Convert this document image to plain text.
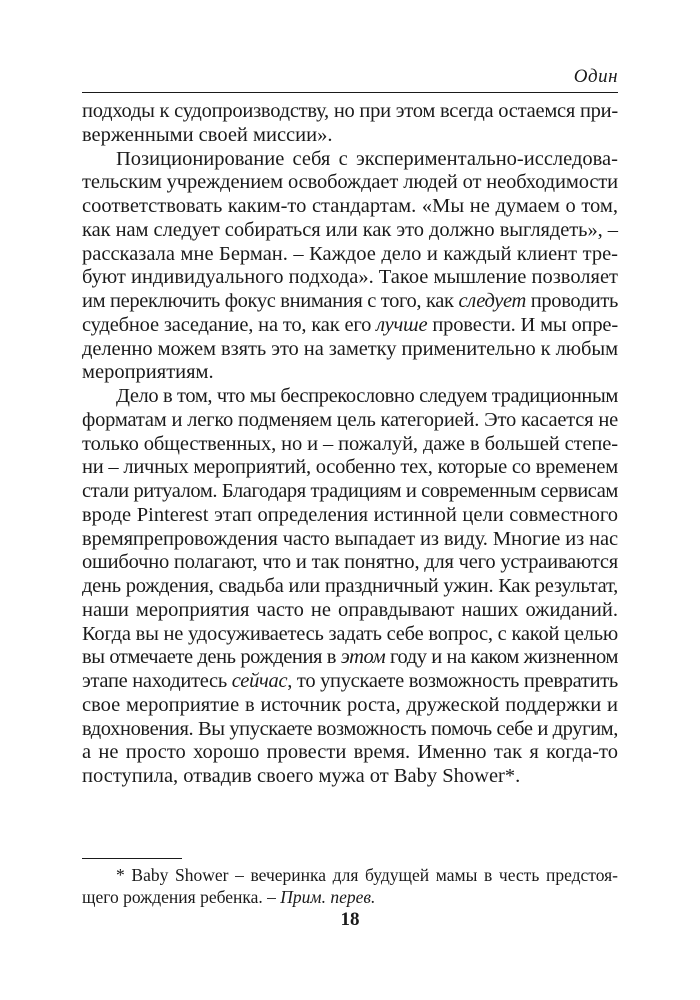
Один
подходы к судопроизводству, но при этом всегда остаемся при-
верженными своей миссии».
Позиционирование себя с экспериментально-исследова-
тельским учреждением освобождает людей от необходимости
соответствовать каким-то стандартам. «Мы не думаем о том,
как нам следует собираться или как это должно выглядеть», –
рассказала мне Берман. – Каждое дело и каждый клиент тре-
буют индивидуального подхода». Такое мышление позволяет
им переключить фокус внимания с того, как следует проводить
судебное заседание, на то, как его лучше провести. И мы опре-
деленно можем взять это на заметку применительно к любым
мероприятиям.
Дело в том, что мы беспрекословно следуем традиционным
форматам и легко подменяем цель категорией. Это касается не
только общественных, но и – пожалуй, даже в большей степе-
ни – личных мероприятий, особенно тех, которые со временем
стали ритуалом. Благодаря традициям и современным сервисам
вроде Pinterest этап определения истинной цели совместного
времяпрепровождения часто выпадает из виду. Многие из нас
ошибочно полагают, что и так понятно, для чего устраиваются
день рождения, свадьба или праздничный ужин. Как результат,
наши мероприятия часто не оправдывают наших ожиданий.
Когда вы не удосуживаетесь задать себе вопрос, с какой целью
вы отмечаете день рождения в этом году и на каком жизненном
этапе находитесь сейчас, то упускаете возможность превратить
свое мероприятие в источник роста, дружеской поддержки и
вдохновения. Вы упускаете возможность помочь себе и другим,
а не просто хорошо провести время. Именно так я когда-то
поступила, отвадив своего мужа от Baby Shower*.
* Baby Shower – вечеринка для будущей мамы в честь предстоя-
щего рождения ребенка. – Прим. перев.
18
